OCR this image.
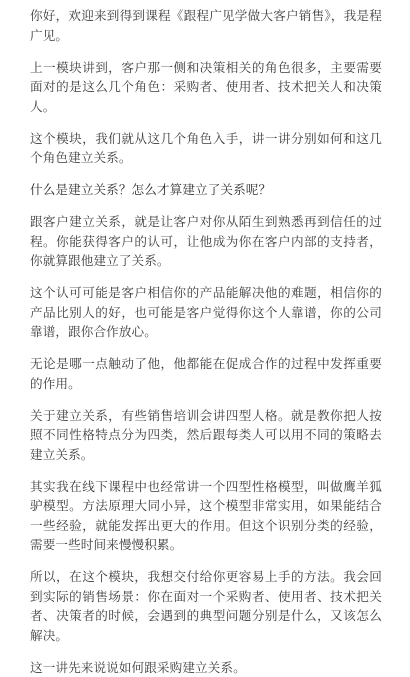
你好，欢迎来到得到课程《跟程广见学做大客户销售》，我是程广见。

上一模块讲到，客户那一侧和决策相关的角色很多，主要需要面对的是这么几个角色：采购者、使用者、技术把关人和决策人。

这个模块，我们就从这几个角色入手，讲一讲分别如何和这几个角色建立关系。

什么是建立关系？怎么才算建立了关系呢？

跟客户建立关系，就是让客户对你从陌生到熟悉再到信任的过程。你能获得客户的认可，让他成为你在客户内部的支持者，你就算跟他建立了关系。

这个认可可能是客户相信你的产品能解决他的难题，相信你的产品比别人的好，也可能是客户觉得你这个人靠谱，你的公司靠谱，跟你合作放心。

无论是哪一点触动了他，他都能在促成合作的过程中发挥重要的作用。

关于建立关系，有些销售培训会讲四型人格。就是教你把人按照不同性格特点分为四类，然后跟每类人可以用不同的策略去建立关系。

其实我在线下课程中也经常讲一个四型性格模型，叫做鹰羊狐驴模型。方法原理大同小异，这个模型非常实用，如果能结合一些经验，就能发挥出更大的作用。但这个识别分类的经验，需要一些时间来慢慢积累。

所以，在这个模块，我想交付给你更容易上手的方法。我会回到实际的销售场景：你在面对一个采购者、使用者、技术把关者、决策者的时候，会遇到的典型问题分别是什么，又该怎么解决。

这一讲先来说说如何跟采购建立关系。
